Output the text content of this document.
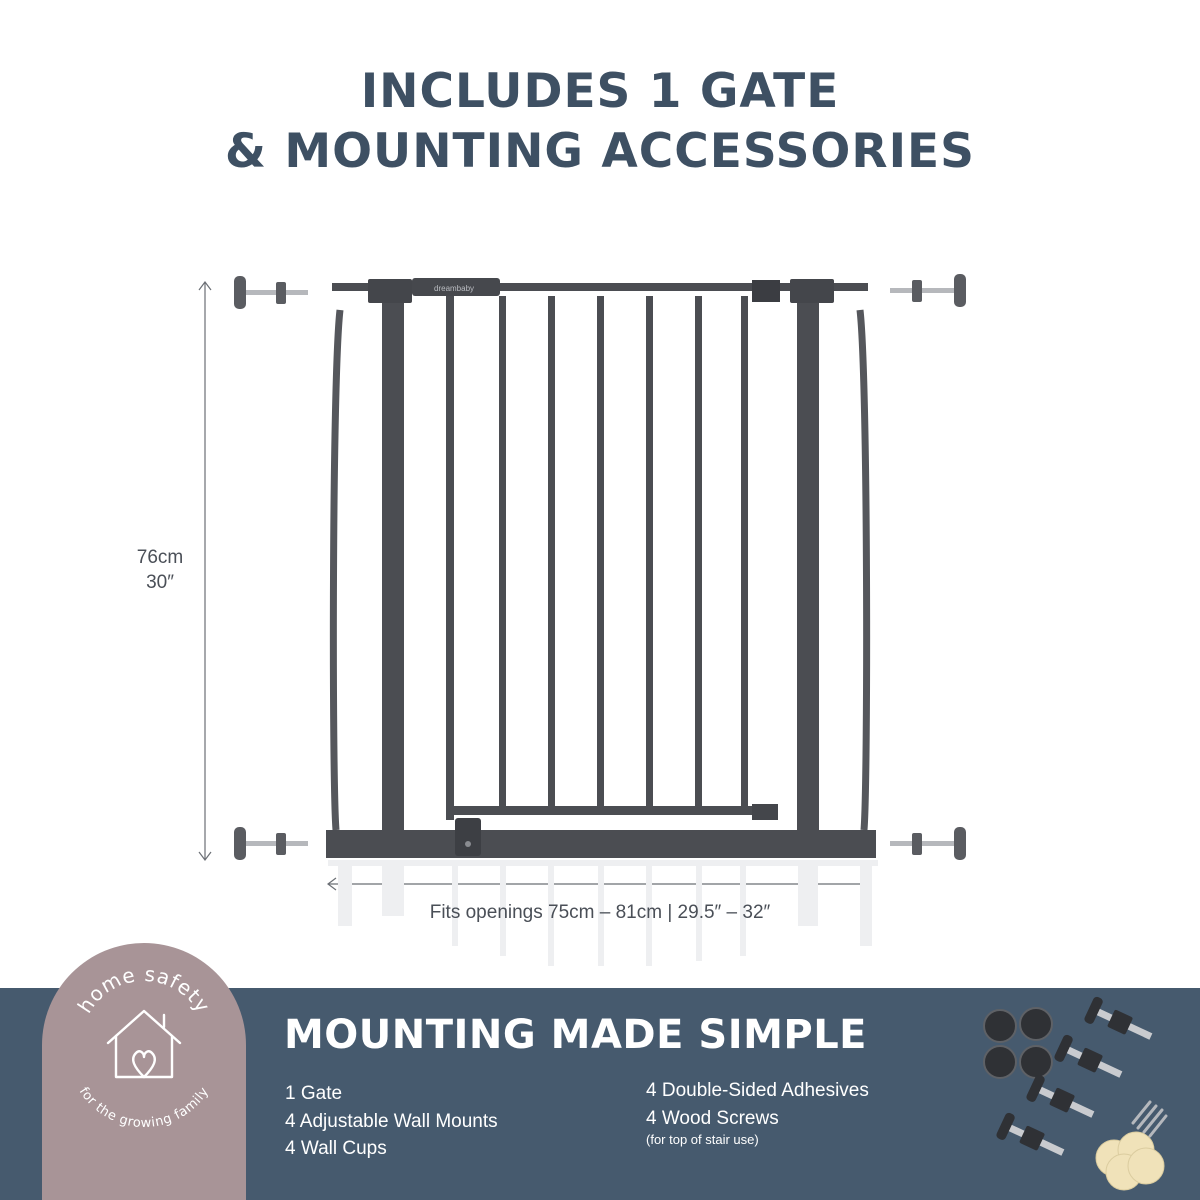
INCLUDES 1 GATE
& MOUNTING ACCESSORIES
dreambaby
76cm
30″
Fits openings 75cm – 81cm | 29.5″ – 32″
home safety
for the growing family
MOUNTING MADE SIMPLE
1 Gate
4 Adjustable Wall Mounts
4 Wall Cups
4 Double-Sided Adhesives
4 Wood Screws
(for top of stair use)
